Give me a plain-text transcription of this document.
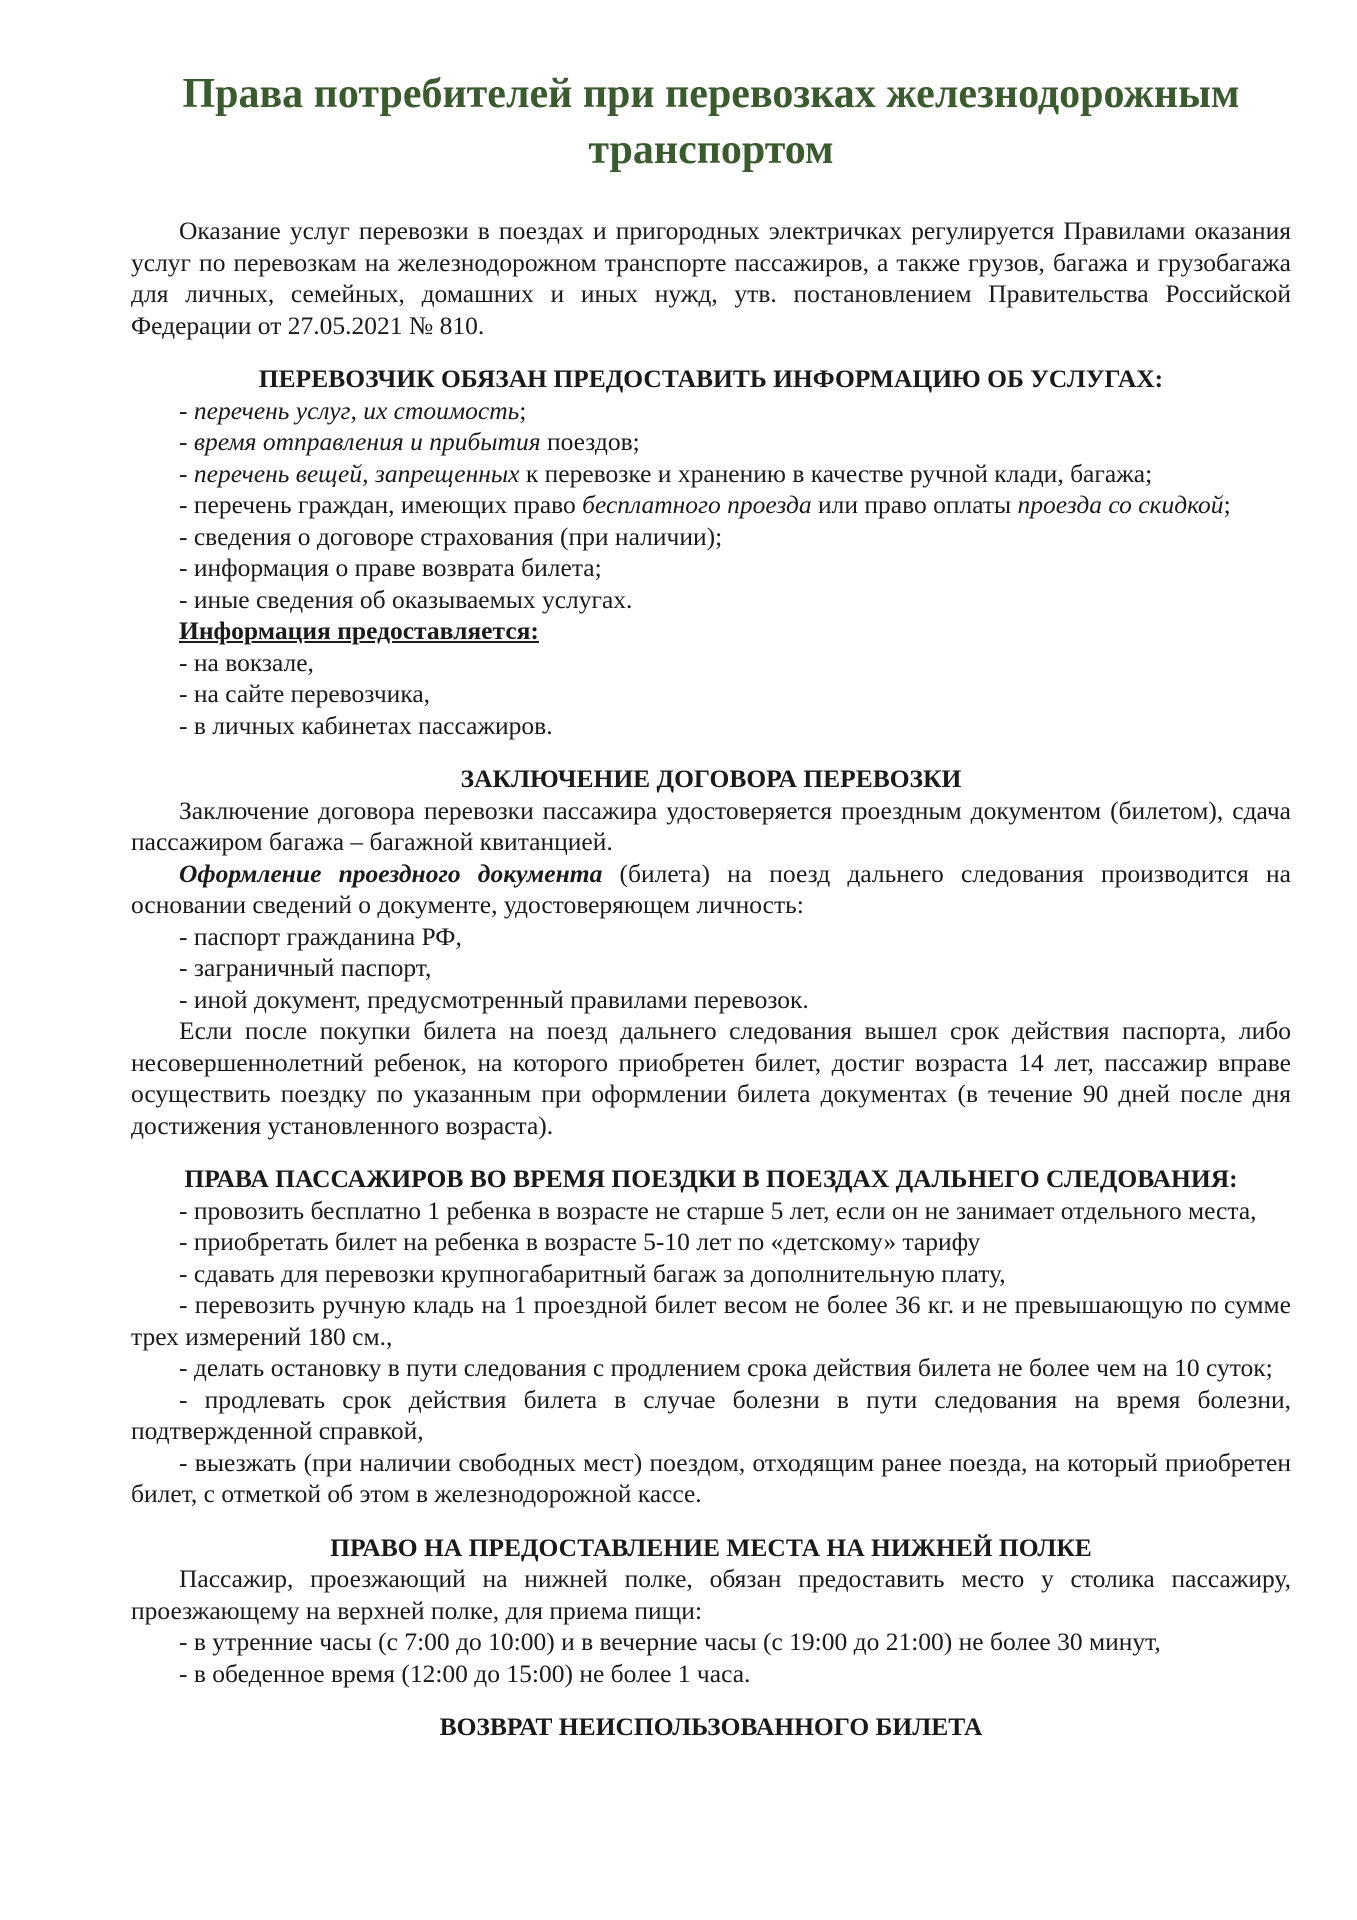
Права потребителей при перевозках железнодорожным транспортом

Оказание услуг перевозки в поездах и пригородных электричках регулируется Правилами оказания услуг по перевозкам на железнодорожном транспорте пассажиров, а также грузов, багажа и грузобагажа для личных, семейных, домашних и иных нужд, утв. постановлением Правительства Российской Федерации от 27.05.2021 № 810.

ПЕРЕВОЗЧИК ОБЯЗАН ПРЕДОСТАВИТЬ ИНФОРМАЦИЮ ОБ УСЛУГАХ:

- перечень услуг, их стоимость;

- время отправления и прибытия поездов;

- перечень вещей, запрещенных к перевозке и хранению в качестве ручной клади, багажа;

- перечень граждан, имеющих право бесплатного проезда или право оплаты проезда со скидкой;

- сведения о договоре страхования (при наличии);

- информация о праве возврата билета;

- иные сведения об оказываемых услугах.

Информация предоставляется:

- на вокзале,

- на сайте перевозчика,

- в личных кабинетах пассажиров.

ЗАКЛЮЧЕНИЕ ДОГОВОРА ПЕРЕВОЗКИ

Заключение договора перевозки пассажира удостоверяется проездным документом (билетом), сдача пассажиром багажа – багажной квитанцией.

Оформление проездного документа (билета) на поезд дальнего следования производится на основании сведений о документе, удостоверяющем личность:

- паспорт гражданина РФ,

- заграничный паспорт,

- иной документ, предусмотренный правилами перевозок.

Если после покупки билета на поезд дальнего следования вышел срок действия паспорта, либо несовершеннолетний ребенок, на которого приобретен билет, достиг возраста 14 лет, пассажир вправе осуществить поездку по указанным при оформлении билета документах (в течение 90 дней после дня достижения установленного возраста).

ПРАВА ПАССАЖИРОВ ВО ВРЕМЯ ПОЕЗДКИ В ПОЕЗДАХ ДАЛЬНЕГО СЛЕДОВАНИЯ:

- провозить бесплатно 1 ребенка в возрасте не старше 5 лет, если он не занимает отдельного места,

- приобретать билет на ребенка в возрасте 5-10 лет по «детскому» тарифу

- сдавать для перевозки крупногабаритный багаж за дополнительную плату,

- перевозить ручную кладь на 1 проездной билет весом не более 36 кг. и не превышающую по сумме трех измерений 180 см.,

- делать остановку в пути следования с продлением срока действия билета не более чем на 10 суток;

- продлевать срок действия билета в случае болезни в пути следования на время болезни, подтвержденной справкой,

- выезжать (при наличии свободных мест) поездом, отходящим ранее поезда, на который приобретен билет, с отметкой об этом в железнодорожной кассе.

ПРАВО НА ПРЕДОСТАВЛЕНИЕ МЕСТА НА НИЖНЕЙ ПОЛКЕ

Пассажир, проезжающий на нижней полке, обязан предоставить место у столика пассажиру, проезжающему на верхней полке, для приема пищи:

- в утренние часы (с 7:00 до 10:00) и в вечерние часы (с 19:00 до 21:00) не более 30 минут,

- в обеденное время (12:00 до 15:00) не более 1 часа.

ВОЗВРАТ НЕИСПОЛЬЗОВАННОГО БИЛЕТА
